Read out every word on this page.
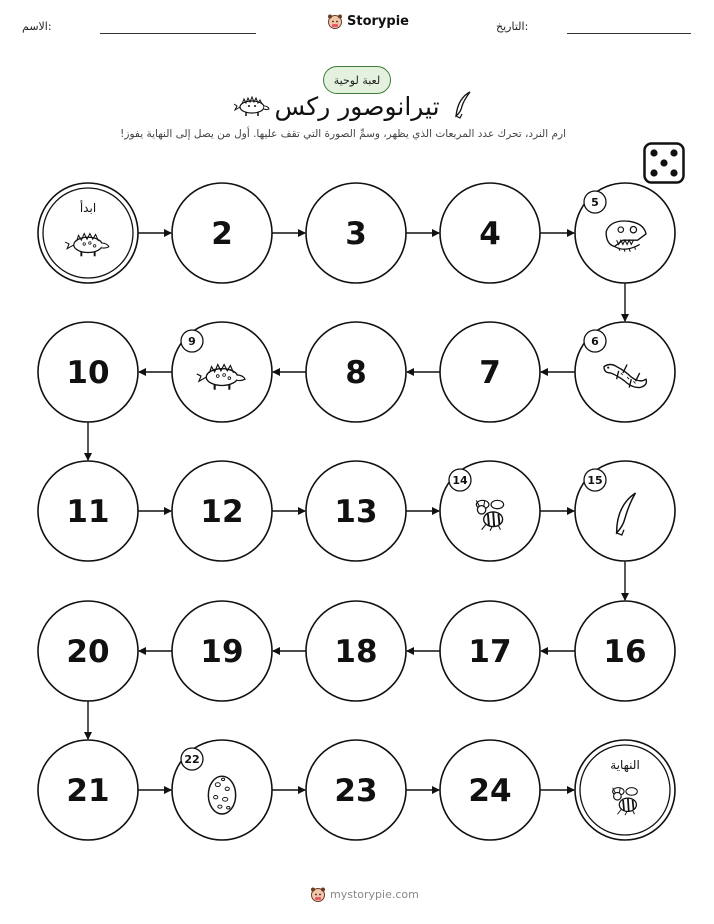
الاسم:	Storypie	التاريخ:
لعبة لوحية
تيرانوصور ركس
ارم النرد، تحرك عدد المربعات الذي يظهر، وسمِّ الصورة التي تقف عليها. أول من يصل إلى النهاية يفوز!
ابدأ
2	3	4
5
6
7
8
9
10
11	12	13
14	15
16
17
18
19
20
21
22
23	24
النهاية
mystorypie.com
